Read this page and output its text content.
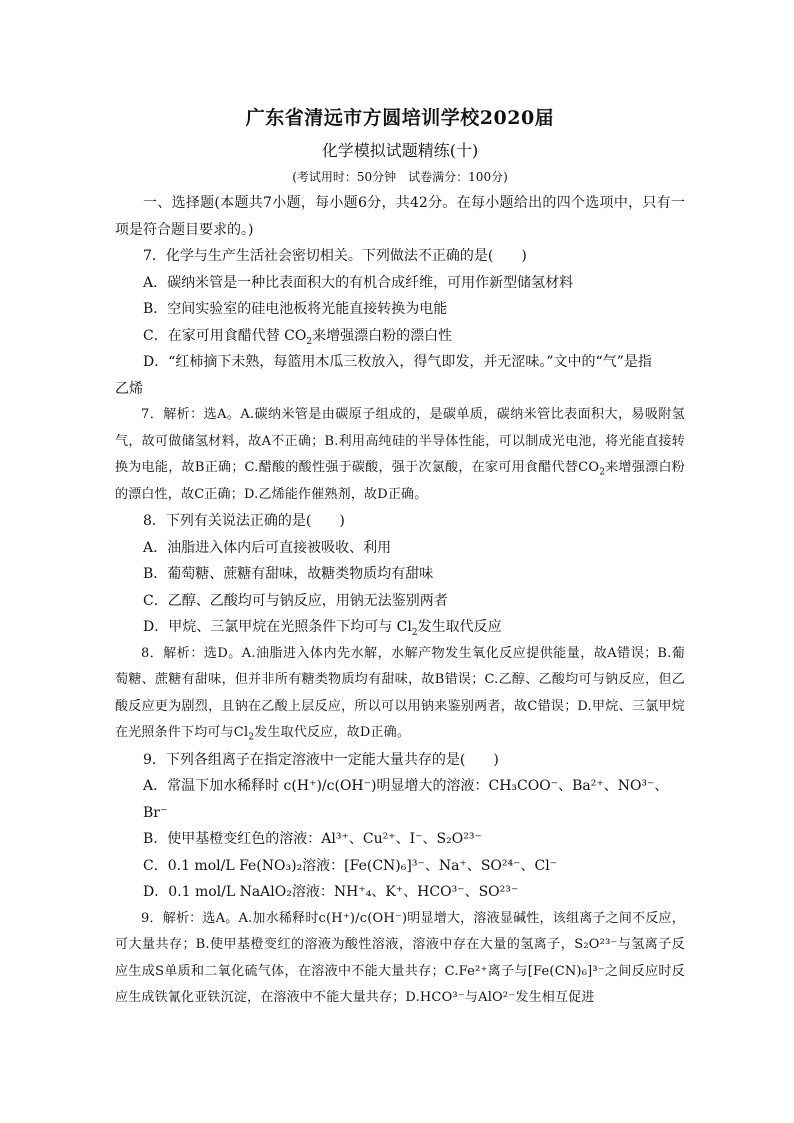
广东省清远市方圆培训学校2020届

化学模拟试题精练(十)

(考试用时：50分钟　试卷满分：100分)

一、选择题(本题共7小题，每小题6分，共42分。在每小题给出的四个选项中，只有一项是符合题目要求的。)

7．化学与生产生活社会密切相关。下列做法不正确的是(　　)

A．碳纳米管是一种比表面积大的有机合成纤维，可用作新型储氢材料

B．空间实验室的硅电池板将光能直接转换为电能

C．在家可用食醋代替 $CO_2$来增强漂白粉的漂白性

D．“红柿摘下未熟，每篮用木瓜三枚放入，得气即发，并无涩味。”文中的“气”是指

乙烯

7．解析：选A。A.碳纳米管是由碳原子组成的，是碳单质，碳纳米管比表面积大，易吸附氢气，故可做储氢材料，故A不正确；B.利用高纯硅的半导体性能，可以制成光电池，将光能直接转换为电能，故B正确；C.醋酸的酸性强于碳酸，强于次氯酸，在家可用食醋代替$CO_2$来增强漂白粉的漂白性，故C正确；D.乙烯能作催熟剂，故D正确。

8．下列有关说法正确的是(　　)

A．油脂进入体内后可直接被吸收、利用

B．葡萄糖、蔗糖有甜味，故糖类物质均有甜味

C．乙醇、乙酸均可与钠反应，用钠无法鉴别两者

D．甲烷、三氯甲烷在光照条件下均可与 $Cl_2$发生取代反应

8．解析：选D。A.油脂进入体内先水解，水解产物发生氧化反应提供能量，故A错误；B.葡萄糖、蔗糖有甜味，但并非所有糖类物质均有甜味，故B错误；C.乙醇、乙酸均可与钠反应，但乙酸反应更为剧烈，且钠在乙酸上层反应，所以可以用钠来鉴别两者，故C错误；D.甲烷、三氯甲烷在光照条件下均可与$Cl_2$发生取代反应，故D正确。

9．下列各组离子在指定溶液中一定能大量共存的是(　　)

A．常温下加水稀释时 c(H⁺)/c(OH⁻)明显增大的溶液：CH₃COO⁻、Ba²⁺、NO³⁻、Br⁻

B．使甲基橙变红色的溶液：Al³⁺、Cu²⁺、I⁻、S₂O²³⁻

C．0.1 mol/L Fe(NO₃)₂溶液：[Fe(CN)₆]³⁻、Na⁺、SO²⁴⁻、Cl⁻

D．0.1 mol/L NaAlO₂溶液：NH⁺₄、K⁺、HCO³⁻、SO²³⁻

9．解析：选A。A.加水稀释时c(H⁺)/c(OH⁻)明显增大，溶液显碱性，该组离子之间不反应，可大量共存；B.使甲基橙变红的溶液为酸性溶液，溶液中存在大量的氢离子，S₂O²³⁻与氢离子反应生成S单质和二氧化硫气体，在溶液中不能大量共存；C.Fe²⁺离子与[Fe(CN)₆]³⁻之间反应时反应生成铁氰化亚铁沉淀，在溶液中不能大量共存；D.HCO³⁻与AlO²⁻发生相互促进
